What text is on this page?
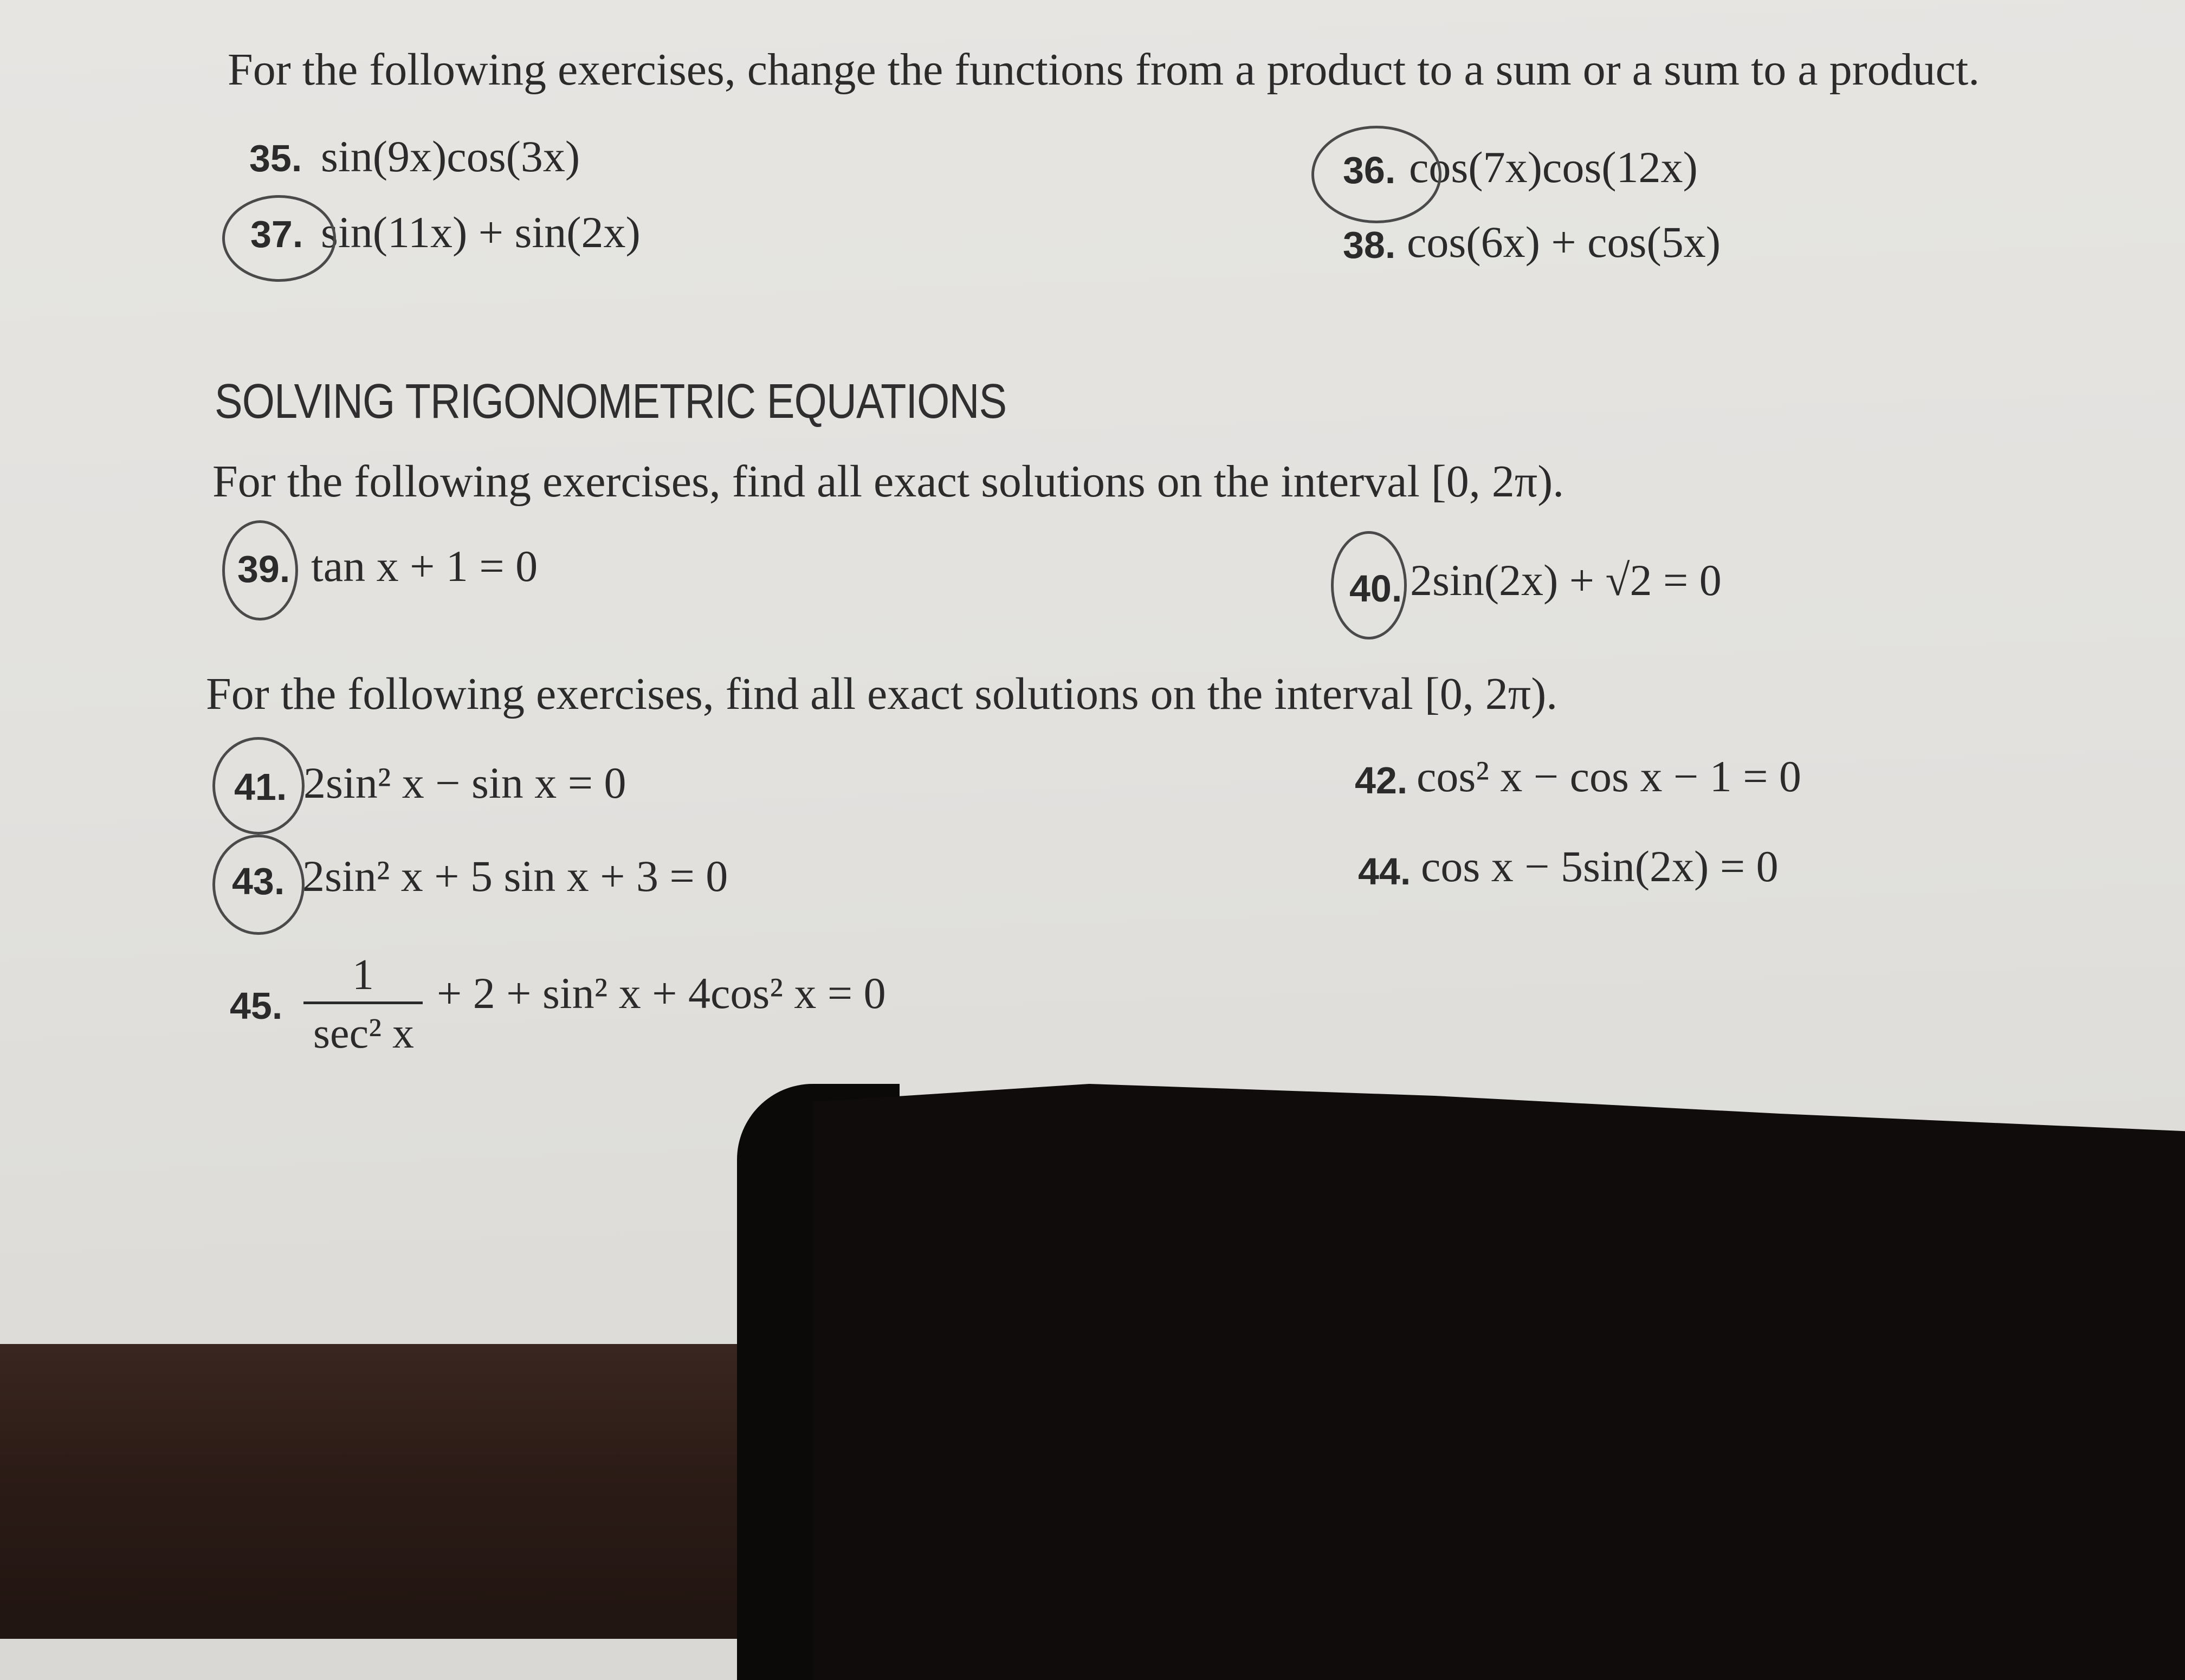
For the following exercises, change the functions from a product to a sum or a sum to a product.
35. sin(9x)cos(3x)	36. cos(7x)cos(12x)
37. sin(11x) + sin(2x)	38. cos(6x) + cos(5x)
SOLVING TRIGONOMETRIC EQUATIONS
For the following exercises, find all exact solutions on the interval [0, 2π).
39. tan x + 1 = 0	40. 2sin(2x) + √2 = 0
For the following exercises, find all exact solutions on the interval [0, 2π).
41. 2sin² x − sin x = 0	42. cos² x − cos x − 1 = 0
43. 2sin² x + 5 sin x + 3 = 0	44. cos x − 5sin(2x) = 0
45.
1
sec² x
+ 2 + sin² x + 4cos² x = 0
